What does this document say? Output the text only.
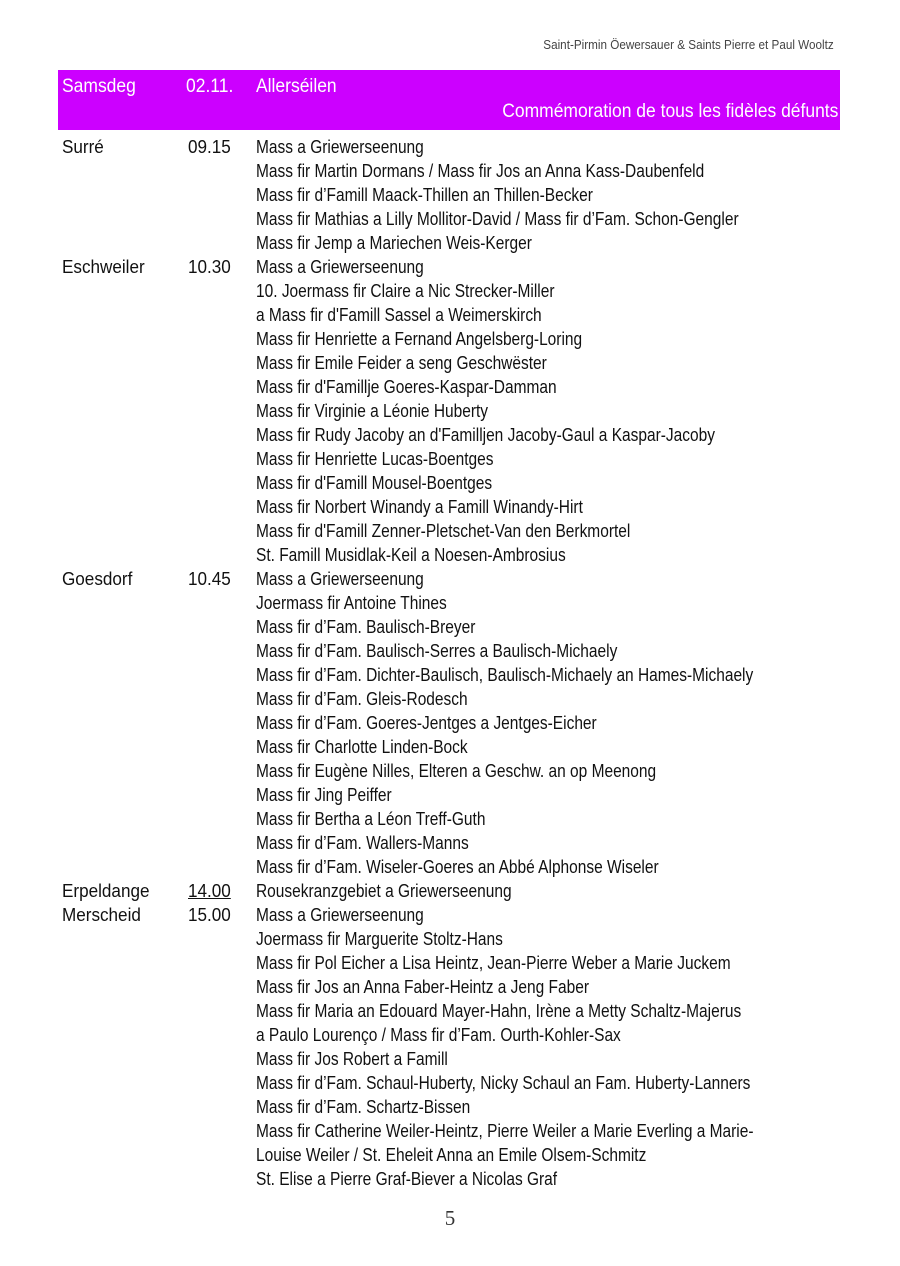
Saint-Pirmin Öewersauer & Saints Pierre et Paul Wooltz
Samsdeg	02.11. Allerséilen
Commémoration de tous les fidèles défunts
Surré	09.15 Mass a Griewerseenung
Mass fir Martin Dormans / Mass fir Jos an Anna Kass-Daubenfeld
Mass fir d’Famill Maack-Thillen an Thillen-Becker
Mass fir Mathias a Lilly Mollitor-David / Mass fir d’Fam. Schon-Gengler
Mass fir Jemp a Mariechen Weis-Kerger
Eschweiler 10.30 Mass a Griewerseenung
10. Joermass fir Claire a Nic Strecker-Miller
a Mass fir d'Famill Sassel a Weimerskirch
Mass fir Henriette a Fernand Angelsberg-Loring
Mass fir Emile Feider a seng Geschwëster
Mass fir d'Famillje Goeres-Kaspar-Damman
Mass fir Virginie a Léonie Huberty
Mass fir Rudy Jacoby an d'Familljen Jacoby-Gaul a Kaspar-Jacoby
Mass fir Henriette Lucas-Boentges
Mass fir d'Famill Mousel-Boentges
Mass fir Norbert Winandy a Famill Winandy-Hirt
Mass fir d'Famill Zenner-Pletschet-Van den Berkmortel
St. Famill Musidlak-Keil a Noesen-Ambrosius
Goesdorf	10.45 Mass a Griewerseenung
Joermass fir Antoine Thines
Mass fir d’Fam. Baulisch-Breyer
Mass fir d’Fam. Baulisch-Serres a Baulisch-Michaely
Mass fir d’Fam. Dichter-Baulisch, Baulisch-Michaely an Hames-Michaely
Mass fir d’Fam. Gleis-Rodesch
Mass fir d’Fam. Goeres-Jentges a Jentges-Eicher
Mass fir Charlotte Linden-Bock
Mass fir Eugène Nilles, Elteren a Geschw. an op Meenong
Mass fir Jing Peiffer
Mass fir Bertha a Léon Treff-Guth
Mass fir d’Fam. Wallers-Manns
Mass fir d’Fam. Wiseler-Goeres an Abbé Alphonse Wiseler
Erpeldange 14.00 Rousekranzgebiet a Griewerseenung
Merscheid	15.00 Mass a Griewerseenung
Joermass fir Marguerite Stoltz-Hans
Mass fir Pol Eicher a Lisa Heintz, Jean-Pierre Weber a Marie Juckem
Mass fir Jos an Anna Faber-Heintz a Jeng Faber
Mass fir Maria an Edouard Mayer-Hahn, Irène a Metty Schaltz-Majerus
a Paulo Lourenço / Mass fir d’Fam. Ourth-Kohler-Sax
Mass fir Jos Robert a Famill
Mass fir d’Fam. Schaul-Huberty, Nicky Schaul an Fam. Huberty-Lanners
Mass fir d’Fam. Schartz-Bissen
Mass fir Catherine Weiler-Heintz, Pierre Weiler a Marie Everling a Marie-
Louise Weiler / St. Eheleit Anna an Emile Olsem-Schmitz
St. Elise a Pierre Graf-Biever a Nicolas Graf
5
